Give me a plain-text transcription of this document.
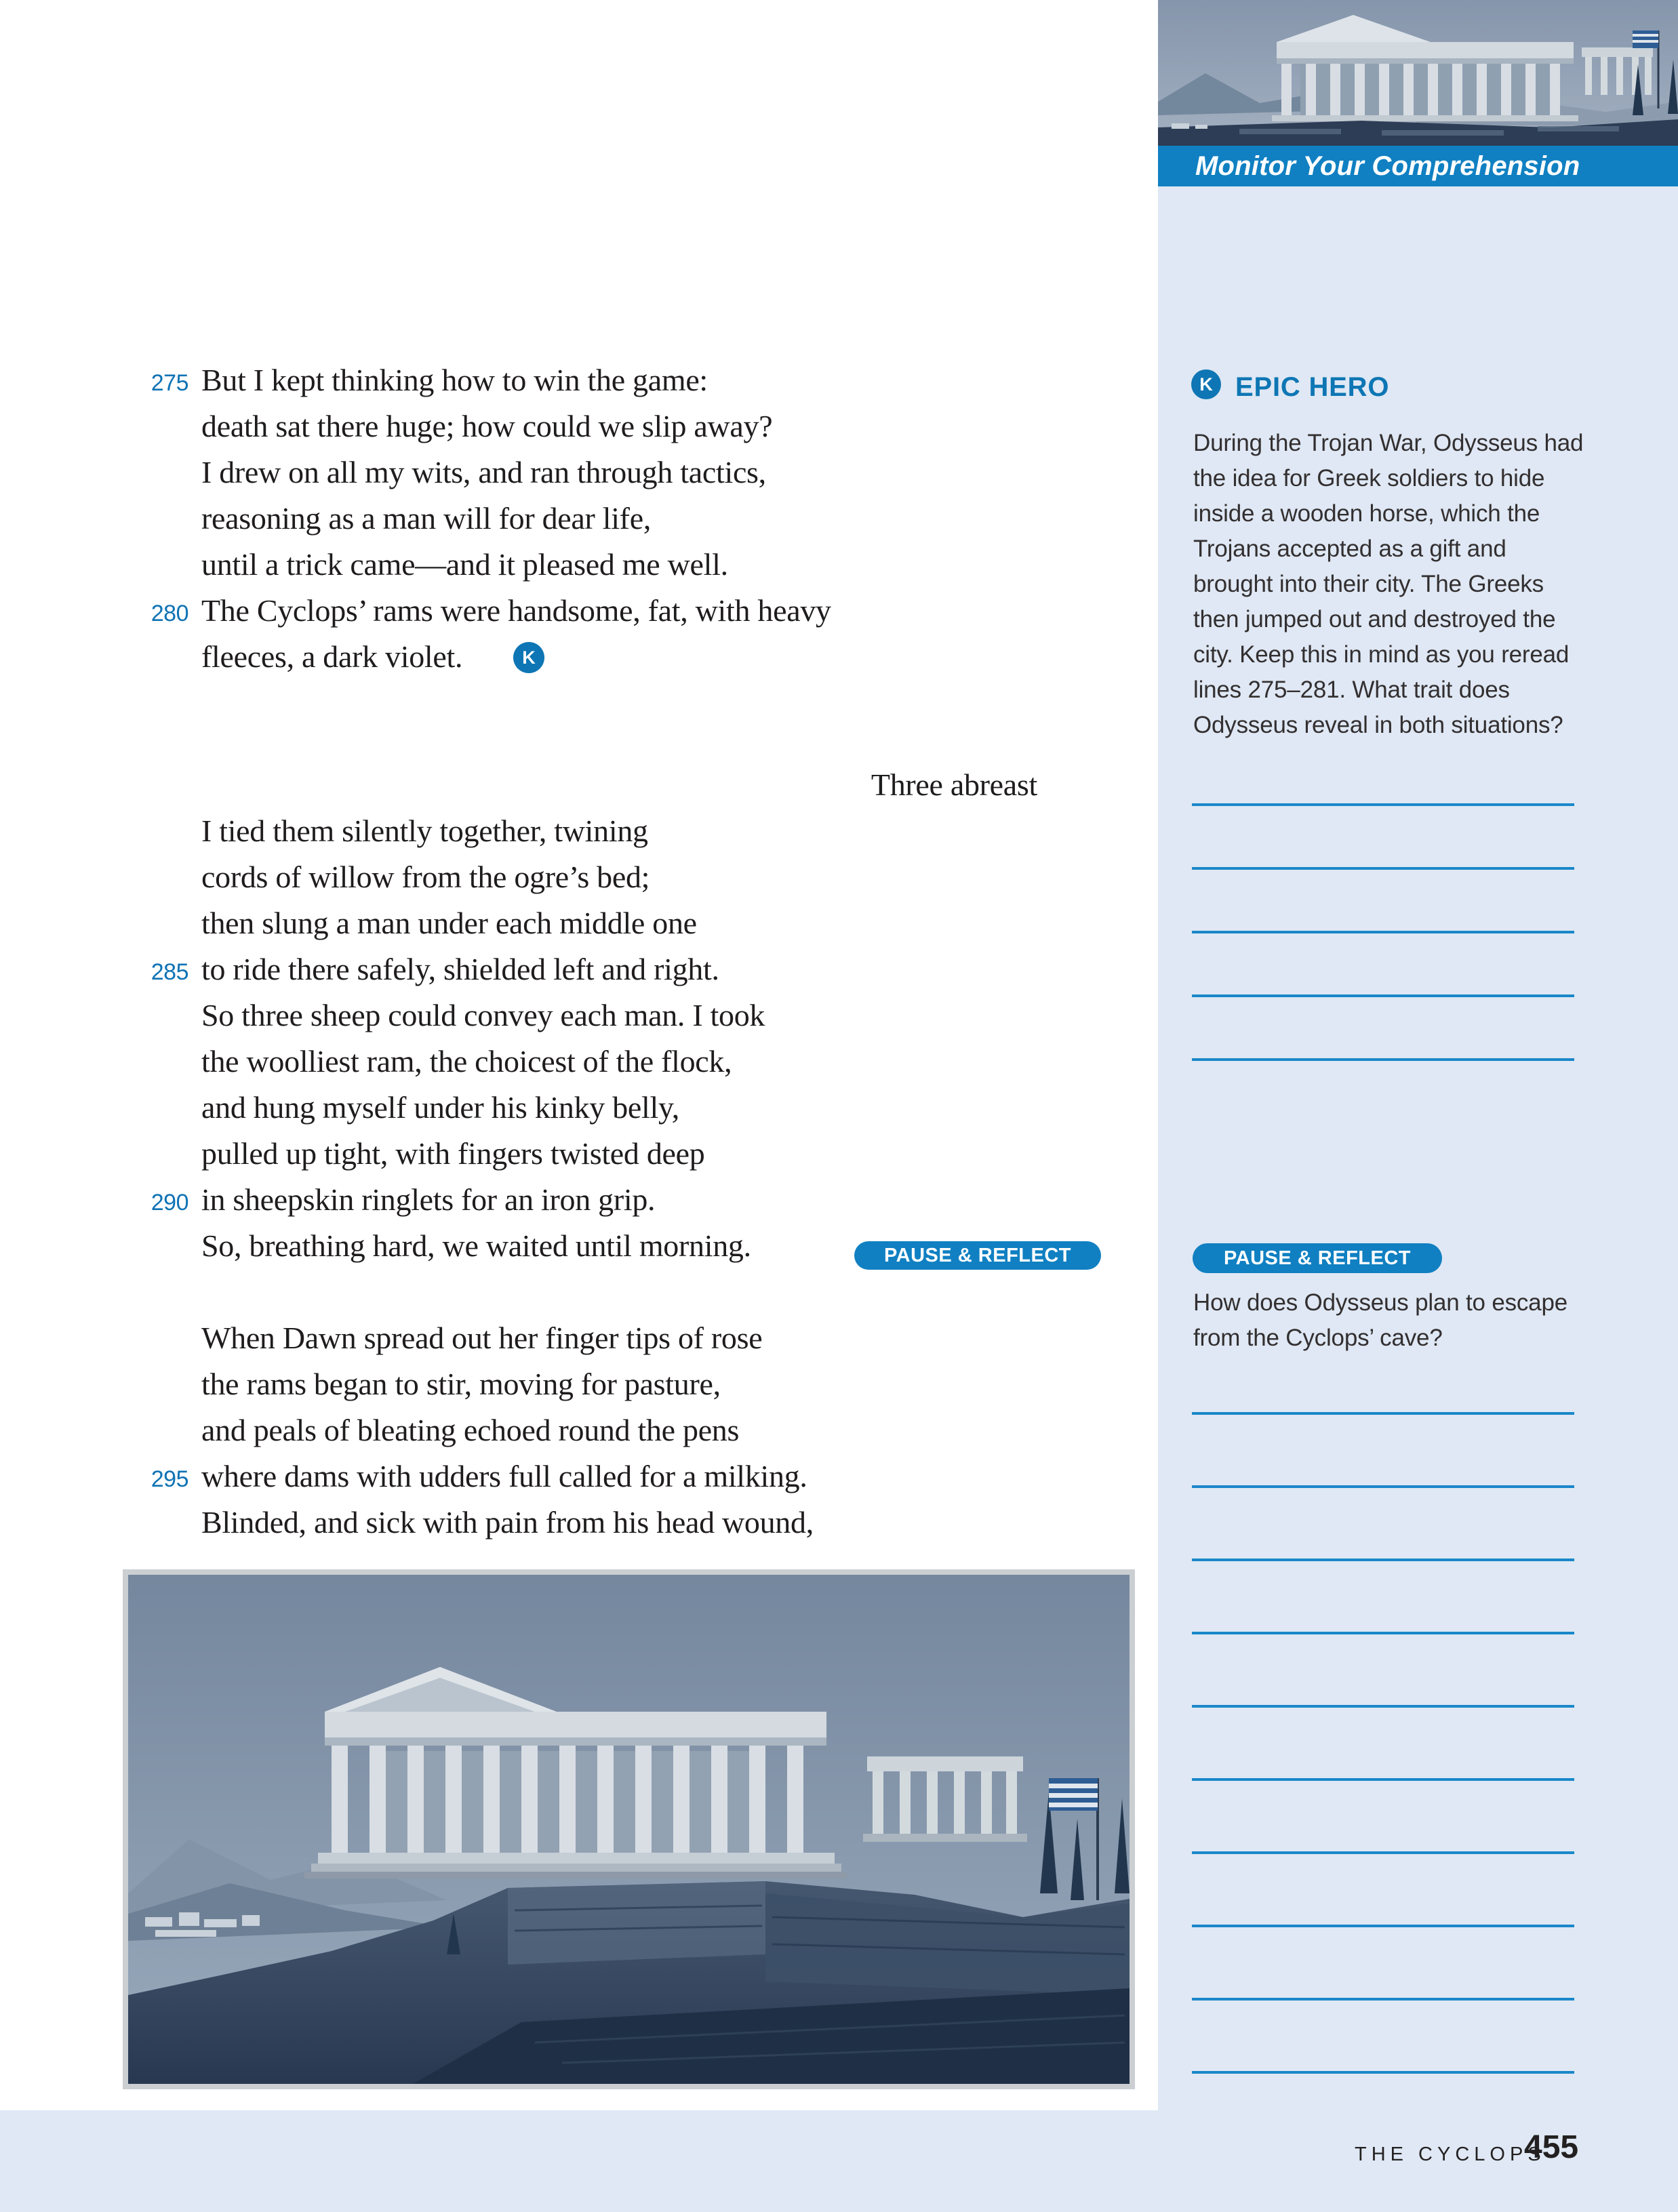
275
280
285
290
295
But I kept thinking how to win the game:
death sat there huge; how could we slip away?
I drew on all my wits, and ran through tactics,
reasoning as a man will for dear life,
until a trick came—and it pleased me well.
The Cyclops’ rams were handsome, fat, with heavy
fleeces, a dark violet.	K
Three abreast
I tied them silently together, twining
cords of willow from the ogre’s bed;
then slung a man under each middle one
to ride there safely, shielded left and right.
So three sheep could convey each man. I took
the woolliest ram, the choicest of the flock,
and hung myself under his kinky belly,
pulled up tight, with fingers twisted deep
in sheepskin ringlets for an iron grip.
So, breathing hard, we waited until morning.	PAUSE & REFLECT
When Dawn spread out her finger tips of rose
the rams began to stir, moving for pasture,
and peals of bleating echoed round the pens
where dams with udders full called for a milking.
Blinded, and sick with pain from his head wound,
Monitor Your Comprehension
K EPIC HERO
During the Trojan War, Odysseus had the idea for Greek soldiers to hide inside a wooden horse, which the Trojans accepted as a gift and brought into their city. The Greeks then jumped out and destroyed the city. Keep this in mind as you reread lines 275–281. What trait does Odysseus reveal in both situations?
PAUSE & REFLECT
How does Odysseus plan to escape from the Cyclops’ cave?
THE CYCLOPS
455
